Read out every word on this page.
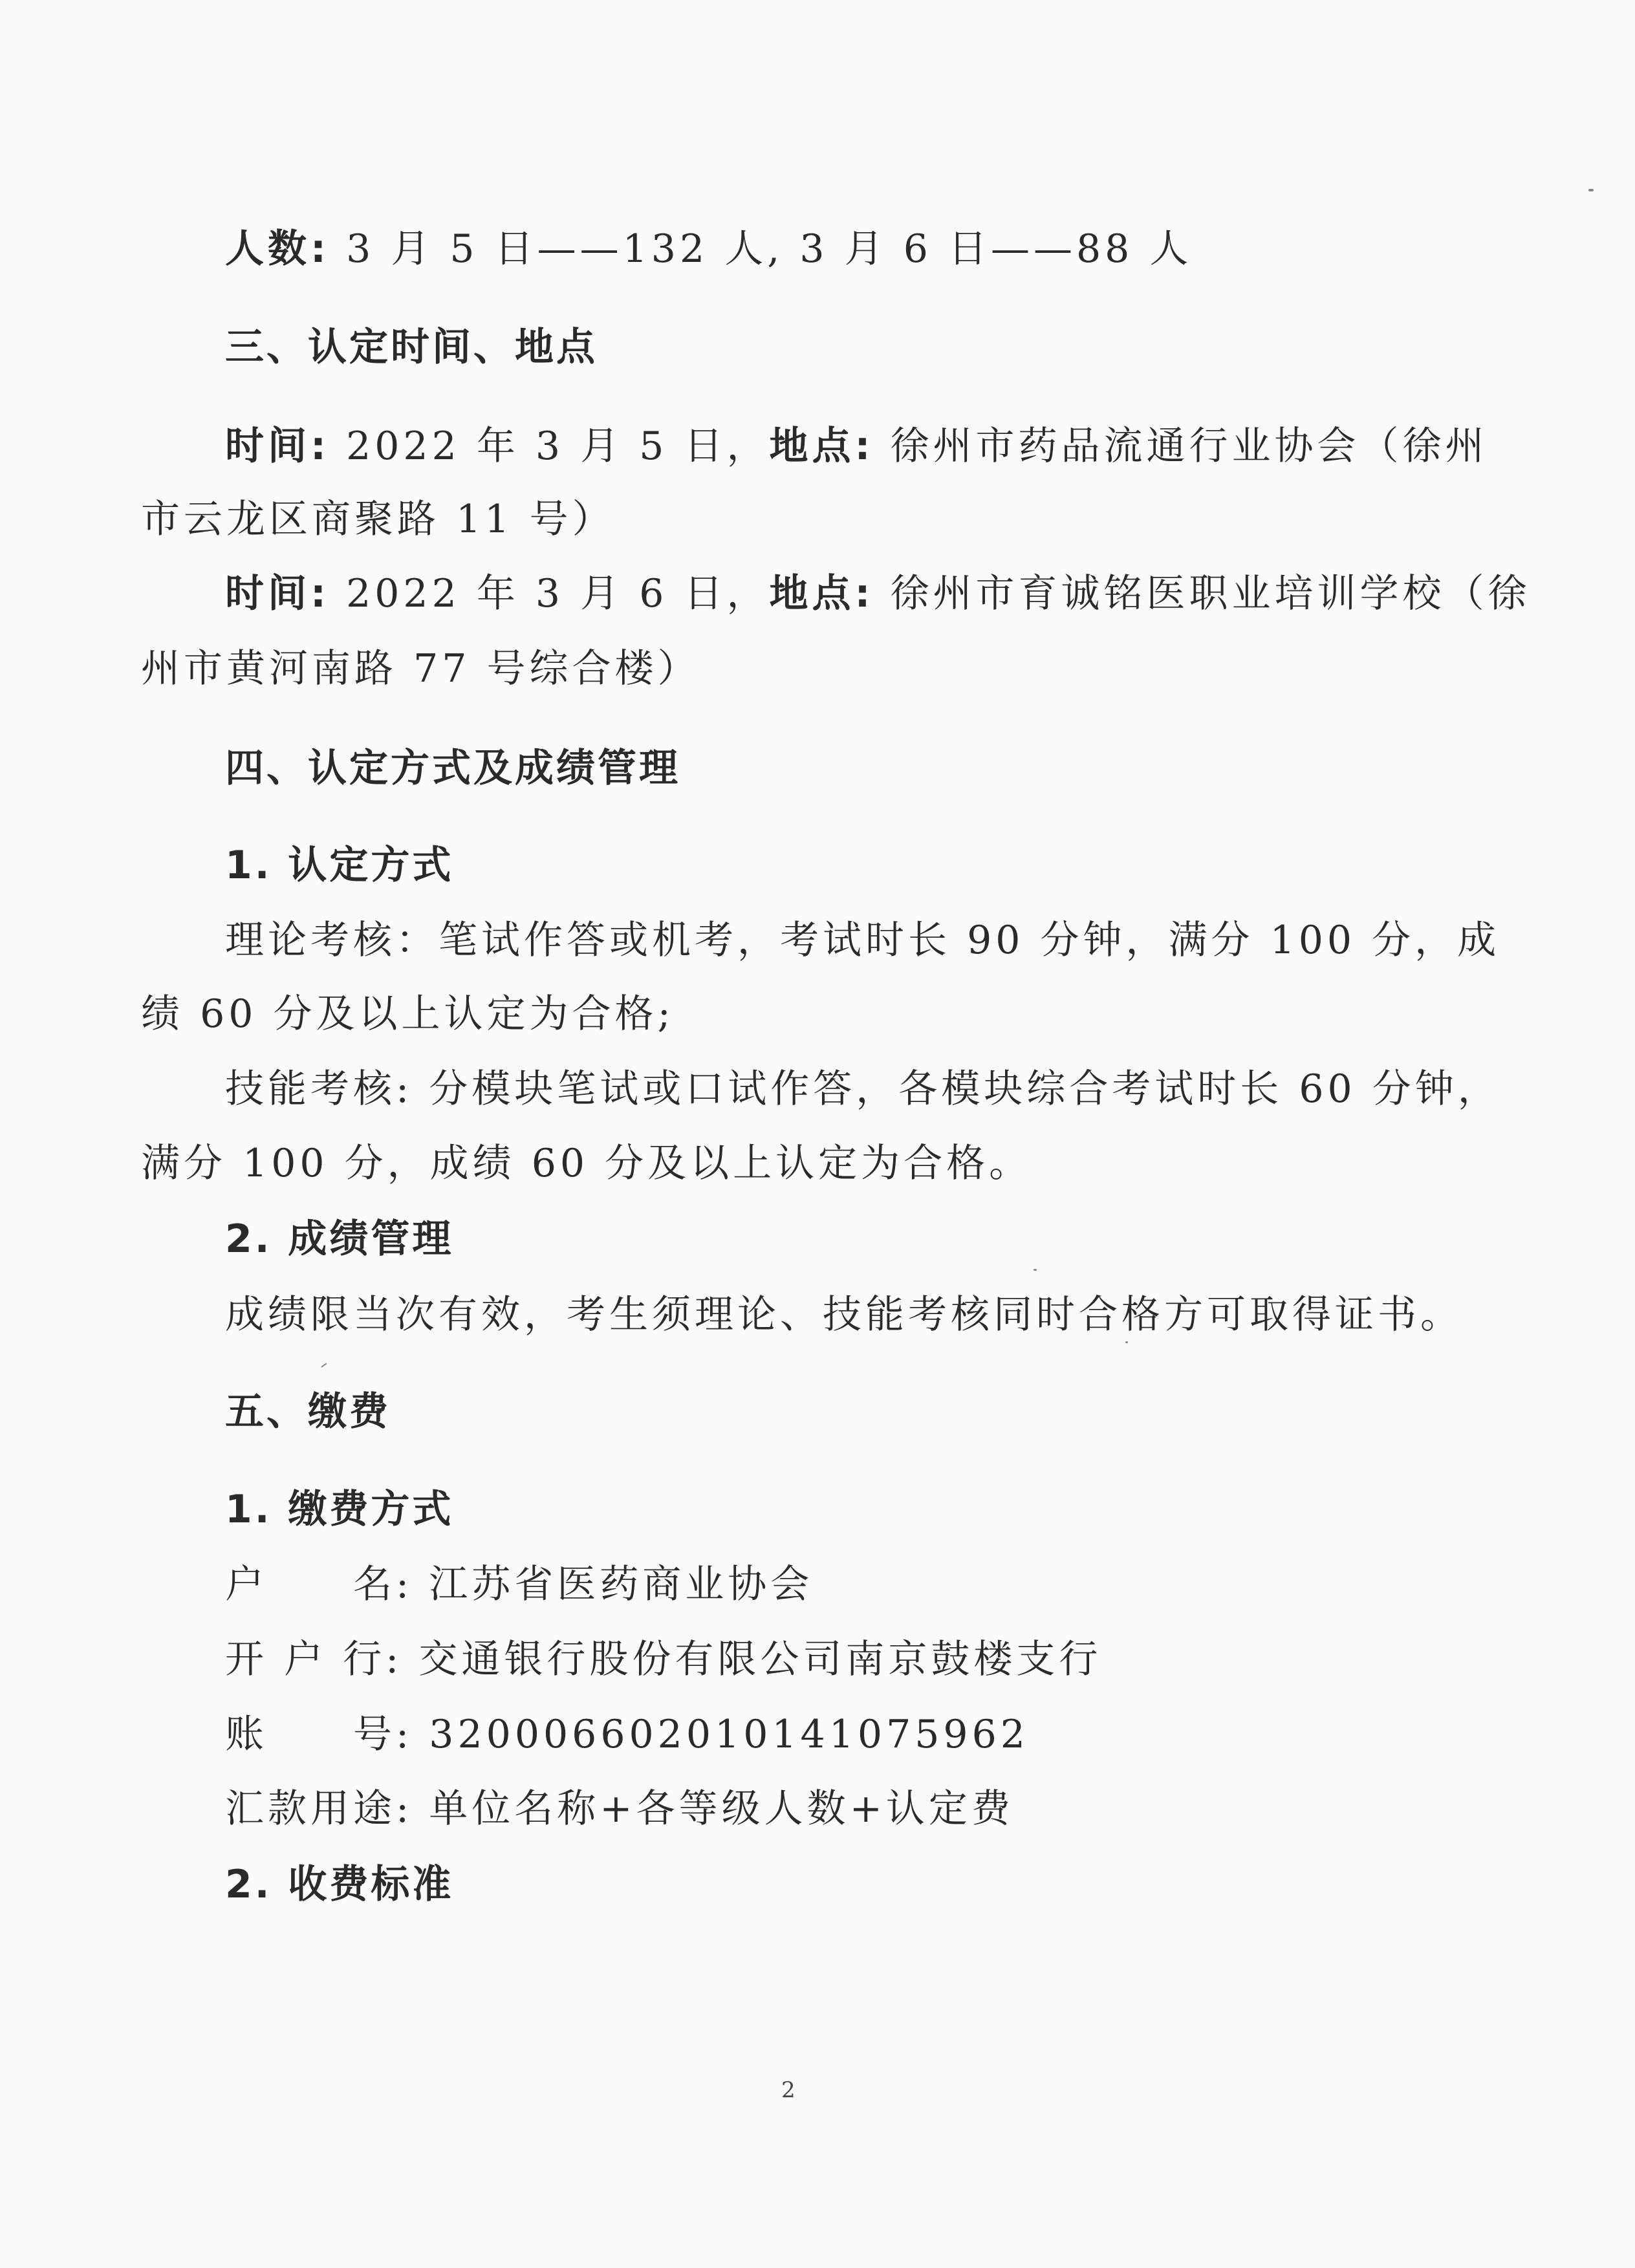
人数: 3 月 5 日——132 人, 3 月 6 日——88 人
三、认定时间、地点
时间: 2022 年 3 月 5 日，地点: 徐州市药品流通行业协会（徐州
市云龙区商聚路 11 号）
时间: 2022 年 3 月 6 日，地点: 徐州市育诚铭医职业培训学校（徐
州市黄河南路 77 号综合楼）
四、认定方式及成绩管理
1. 认定方式
理论考核：笔试作答或机考，考试时长 90 分钟，满分 100 分，成
绩 60 分及以上认定为合格;
技能考核: 分模块笔试或口试作答，各模块综合考试时长 60 分钟，
满分 100 分，成绩 60 分及以上认定为合格。
2. 成绩管理
成绩限当次有效，考生须理论、技能考核同时合格方可取得证书。
五、缴费
1. 缴费方式
户　　名: 江苏省医药商业协会
开 户 行: 交通银行股份有限公司南京鼓楼支行
账　　号: 320006602010141075962
汇款用途: 单位名称+各等级人数+认定费
2. 收费标准
2
